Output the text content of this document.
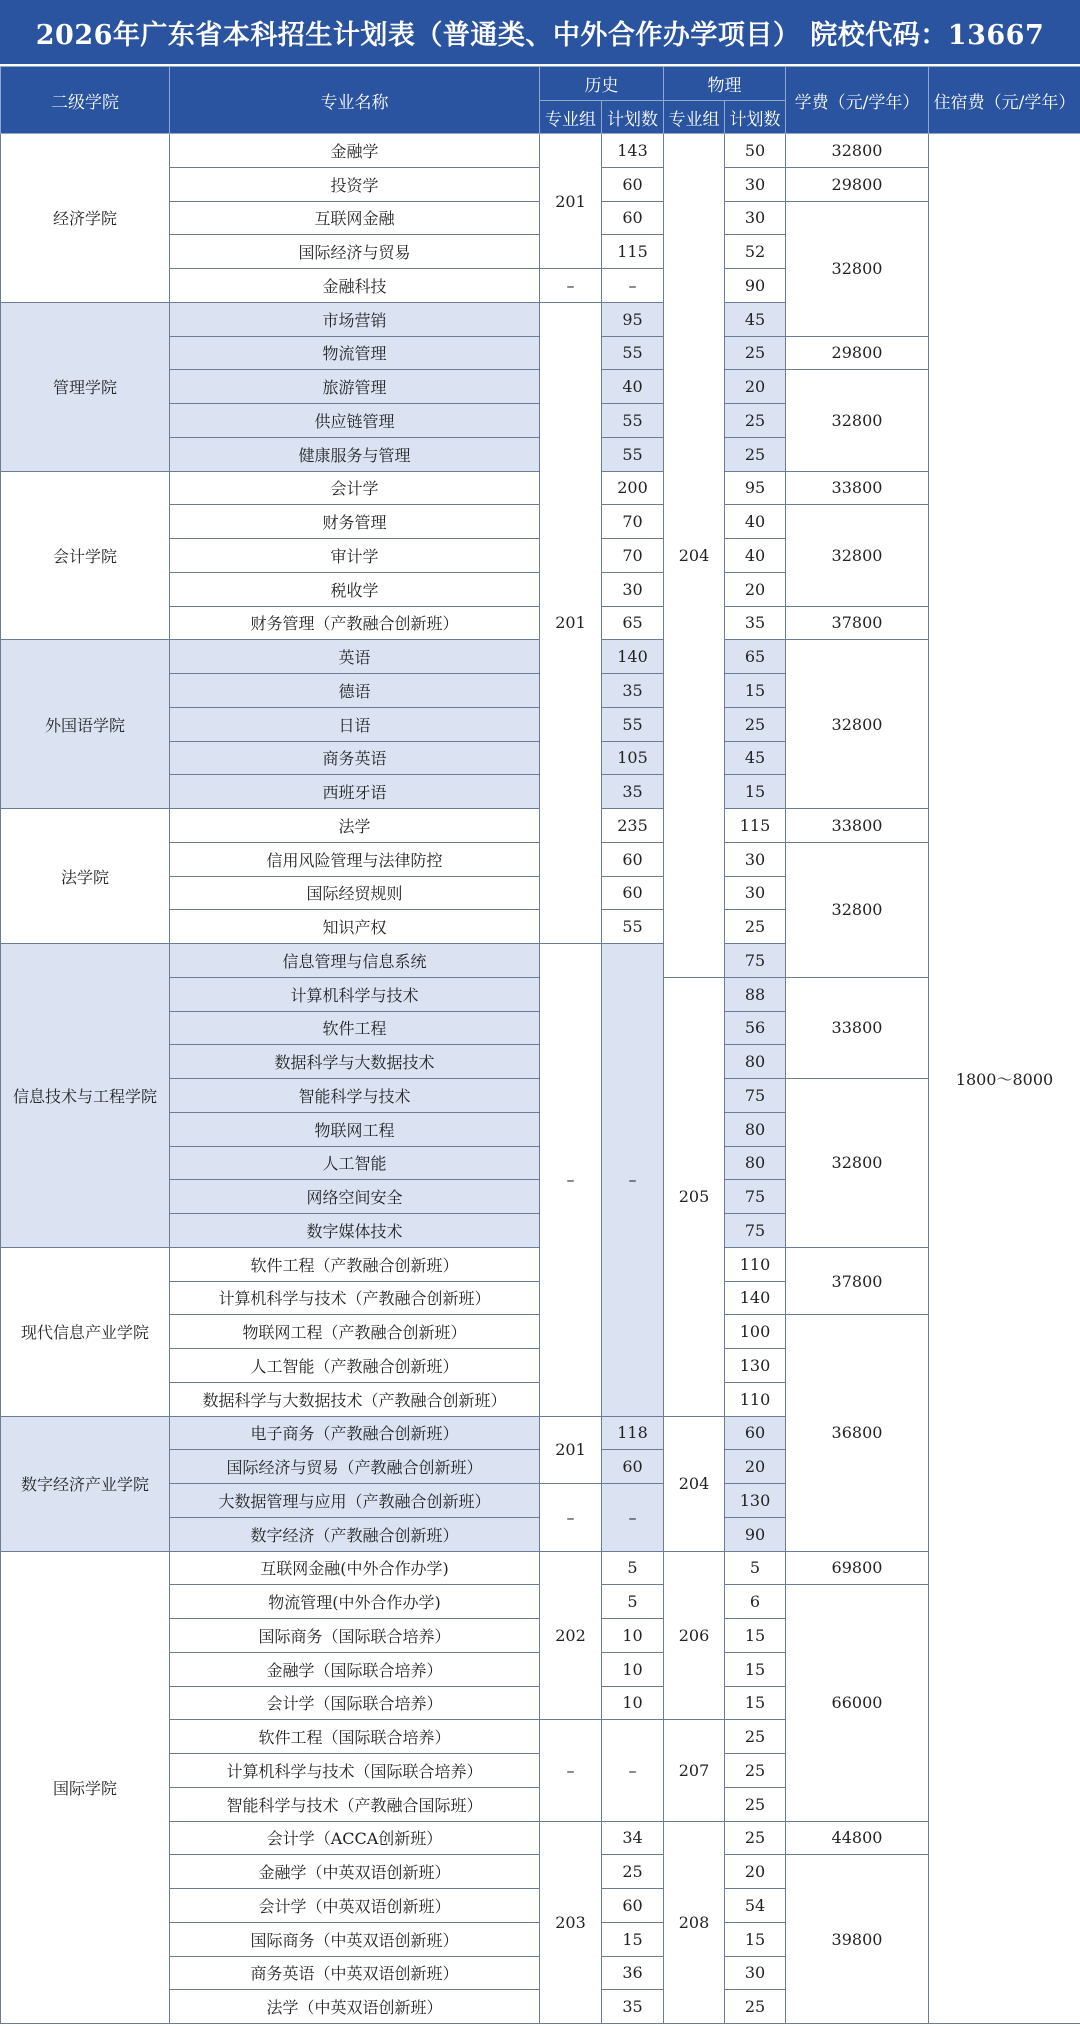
2026年广东省本科招生计划表（普通类、中外合作办学项目） 院校代码：13667
二级学院	专业名称	历史		物理		学费（元/学年）	住宿费（元/学年）
		专业组	计划数	专业组	计划数		
经济学院	金融学	201	143	204	50	32800	1800～8000
	投资学		60		30	29800	
	互联网金融		60		30	32800	
	国际经济与贸易		115		52		
	金融科技	–	–		90		
管理学院	市场营销	201	95		45		
	物流管理		55		25	29800	
	旅游管理		40		20	32800	
	供应链管理		55		25		
	健康服务与管理		55		25		
会计学院	会计学		200		95	33800	
	财务管理		70		40	32800	
	审计学		70		40		
	税收学		30		20		
	财务管理（产教融合创新班）		65		35	37800	
外国语学院	英语		140		65	32800	
	德语		35		15		
	日语		55		25		
	商务英语		105		45		
	西班牙语		35		15		
法学院	法学		235		115	33800	
	信用风险管理与法律防控		60		30	32800	
	国际经贸规则		60		30		
	知识产权		55		25		
信息技术与工程学院	信息管理与信息系统	–	–		75		
	计算机科学与技术			205	88	33800	
	软件工程				56		
	数据科学与大数据技术				80		
	智能科学与技术				75	32800	
	物联网工程				80		
	人工智能				80		
	网络空间安全				75		
	数字媒体技术				75		
现代信息产业学院	软件工程（产教融合创新班）				110	37800	
	计算机科学与技术（产教融合创新班）				140		
	物联网工程（产教融合创新班）				100	36800	
	人工智能（产教融合创新班）				130		
	数据科学与大数据技术（产教融合创新班）				110		
数字经济产业学院	电子商务（产教融合创新班）	201	118	204	60		
	国际经济与贸易（产教融合创新班）		60		20		
	大数据管理与应用（产教融合创新班）	–	–		130		
	数字经济（产教融合创新班）				90		
国际学院	互联网金融(中外合作办学)	202	5	206	5	69800	
	物流管理(中外合作办学)		5		6	66000	
	国际商务（国际联合培养）		10		15		
	金融学（国际联合培养）		10		15		
	会计学（国际联合培养）		10		15		
	软件工程（国际联合培养）	–	–	207	25		
	计算机科学与技术（国际联合培养）				25		
	智能科学与技术（产教融合国际班）				25		
	会计学（ACCA创新班）	203	34	208	25	44800	
	金融学（中英双语创新班）		25		20	39800	
	会计学（中英双语创新班）		60		54		
	国际商务（中英双语创新班）		15		15		
	商务英语（中英双语创新班）		36		30		
	法学（中英双语创新班）		35		25		
